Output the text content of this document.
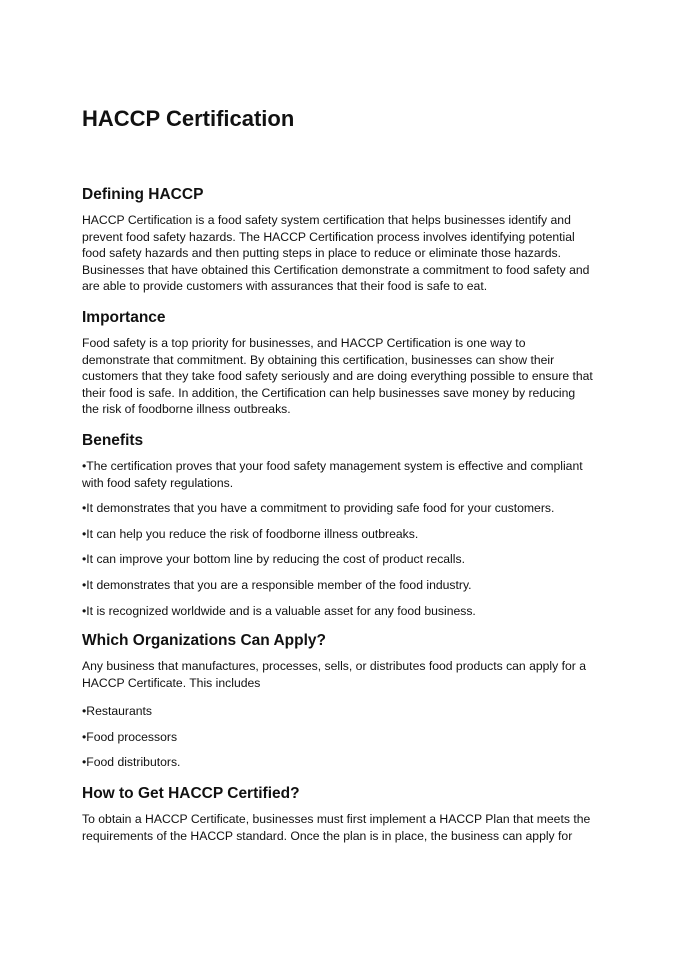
HACCP Certification
Defining HACCP

HACCP Certification is a food safety system certification that helps businesses identify and prevent food safety hazards. The HACCP Certification process involves identifying potential food safety hazards and then putting steps in place to reduce or eliminate those hazards. Businesses that have obtained this Certification demonstrate a commitment to food safety and are able to provide customers with assurances that their food is safe to eat.

Importance

Food safety is a top priority for businesses, and HACCP Certification is one way to demonstrate that commitment. By obtaining this certification, businesses can show their customers that they take food safety seriously and are doing everything possible to ensure that their food is safe. In addition, the Certification can help businesses save money by reducing the risk of foodborne illness outbreaks.

Benefits
• The certification proves that your food safety management system is effective and compliant with food safety regulations.
• It demonstrates that you have a commitment to providing safe food for your customers.
• It can help you reduce the risk of foodborne illness outbreaks.
• It can improve your bottom line by reducing the cost of product recalls.
• It demonstrates that you are a responsible member of the food industry.
• It is recognized worldwide and is a valuable asset for any food business.
Which Organizations Can Apply?

Any business that manufactures, processes, sells, or distributes food products can apply for a HACCP Certificate. This includes

• Restaurants
• Food processors
• Food distributors.
How to Get HACCP Certified?

To obtain a HACCP Certificate, businesses must first implement a HACCP Plan that meets the requirements of the HACCP standard. Once the plan is in place, the business can apply for
